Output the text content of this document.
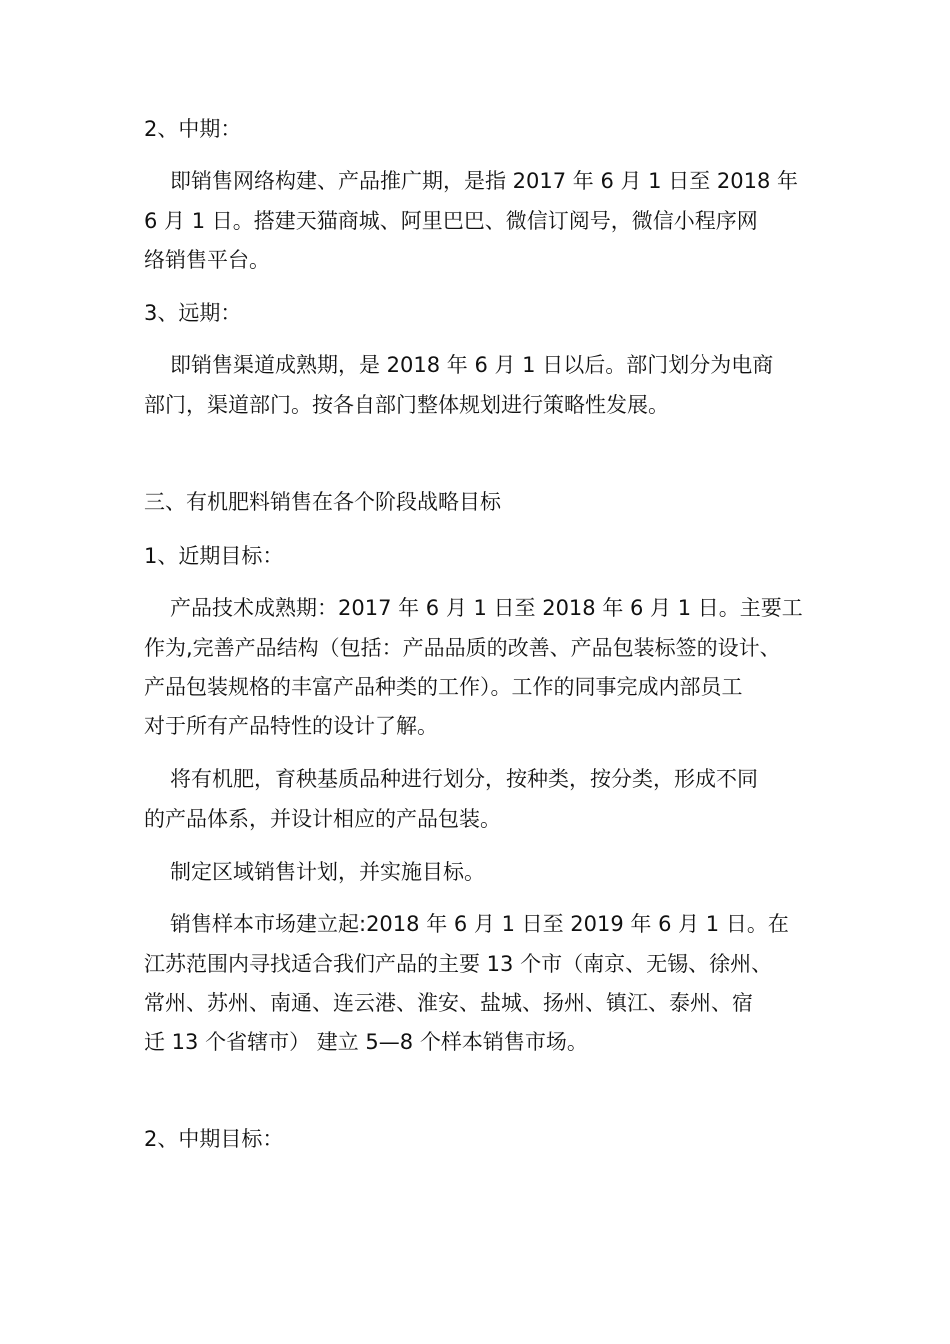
2、中期：

即销售网络构建、产品推广期，是指 2017 年 6 月 1 日至 2018 年

6 月 1 日。搭建天猫商城、阿里巴巴、微信订阅号，微信小程序网

络销售平台。

3、远期：

即销售渠道成熟期，是 2018 年 6 月 1 日以后。部门划分为电商

部门，渠道部门。按各自部门整体规划进行策略性发展。

三、有机肥料销售在各个阶段战略目标

1、近期目标：

产品技术成熟期：2017 年 6 月 1 日至 2018 年 6 月 1 日。主要工

作为,完善产品结构（包括：产品品质的改善、产品包装标签的设计、

产品包装规格的丰富产品种类的工作）。工作的同事完成内部员工

对于所有产品特性的设计了解。

将有机肥，育秧基质品种进行划分，按种类，按分类，形成不同

的产品体系，并设计相应的产品包装。

制定区域销售计划，并实施目标。

销售样本市场建立起:2018 年 6 月 1 日至 2019 年 6 月 1 日。在

江苏范围内寻找适合我们产品的主要 13 个市（南京、无锡、徐州、

常州、苏州、南通、连云港、淮安、盐城、扬州、镇江、泰州、宿

迁 13 个省辖市） 建立 5—8 个样本销售市场。

2、中期目标：
